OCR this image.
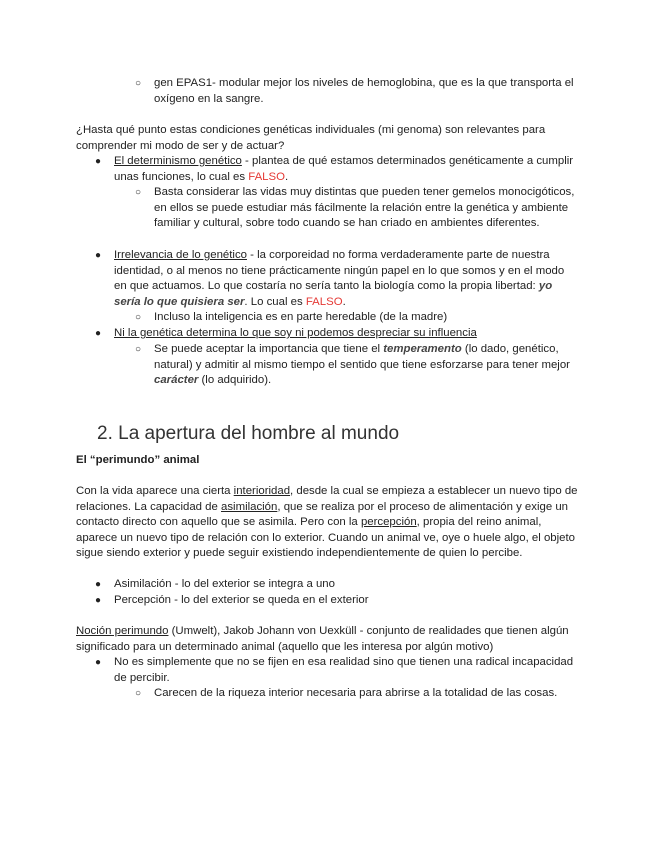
○ gen EPAS1- modular mejor los niveles de hemoglobina, que es la que transporta el oxígeno en la sangre.

¿Hasta qué punto estas condiciones genéticas individuales (mi genoma) son relevantes para comprender mi modo de ser y de actuar?

● El determinismo genético - plantea de qué estamos determinados genéticamente a cumplir unas funciones, lo cual es FALSO.

○ Basta considerar las vidas muy distintas que pueden tener gemelos monocigóticos, en ellos se puede estudiar más fácilmente la relación entre la genética y ambiente familiar y cultural, sobre todo cuando se han criado en ambientes diferentes.

● Irrelevancia de lo genético - la corporeidad no forma verdaderamente parte de nuestra identidad, o al menos no tiene prácticamente ningún papel en lo que somos y en el modo en que actuamos. Lo que costaría no sería tanto la biología como la propia libertad: yo sería lo que quisiera ser. Lo cual es FALSO.

○ Incluso la inteligencia es en parte heredable (de la madre)

● Ni la genética determina lo que soy ni podemos despreciar su influencia

○ Se puede aceptar la importancia que tiene el temperamento (lo dado, genético, natural) y admitir al mismo tiempo el sentido que tiene esforzarse para tener mejor carácter (lo adquirido).

2. La apertura del hombre al mundo
El “perimundo” animal

Con la vida aparece una cierta interioridad, desde la cual se empieza a establecer un nuevo tipo de relaciones. La capacidad de asimilación, que se realiza por el proceso de alimentación y exige un contacto directo con aquello que se asimila. Pero con la percepción, propia del reino animal, aparece un nuevo tipo de relación con lo exterior. Cuando un animal ve, oye o huele algo, el objeto sigue siendo exterior y puede seguir existiendo independientemente de quien lo percibe.

● Asimilación - lo del exterior se integra a uno

● Percepción - lo del exterior se queda en el exterior

Noción perimundo (Umwelt), Jakob Johann von Uexküll - conjunto de realidades que tienen algún significado para un determinado animal (aquello que les interesa por algún motivo)

● No es simplemente que no se fijen en esa realidad sino que tienen una radical incapacidad de percibir.

○ Carecen de la riqueza interior necesaria para abrirse a la totalidad de las cosas.
